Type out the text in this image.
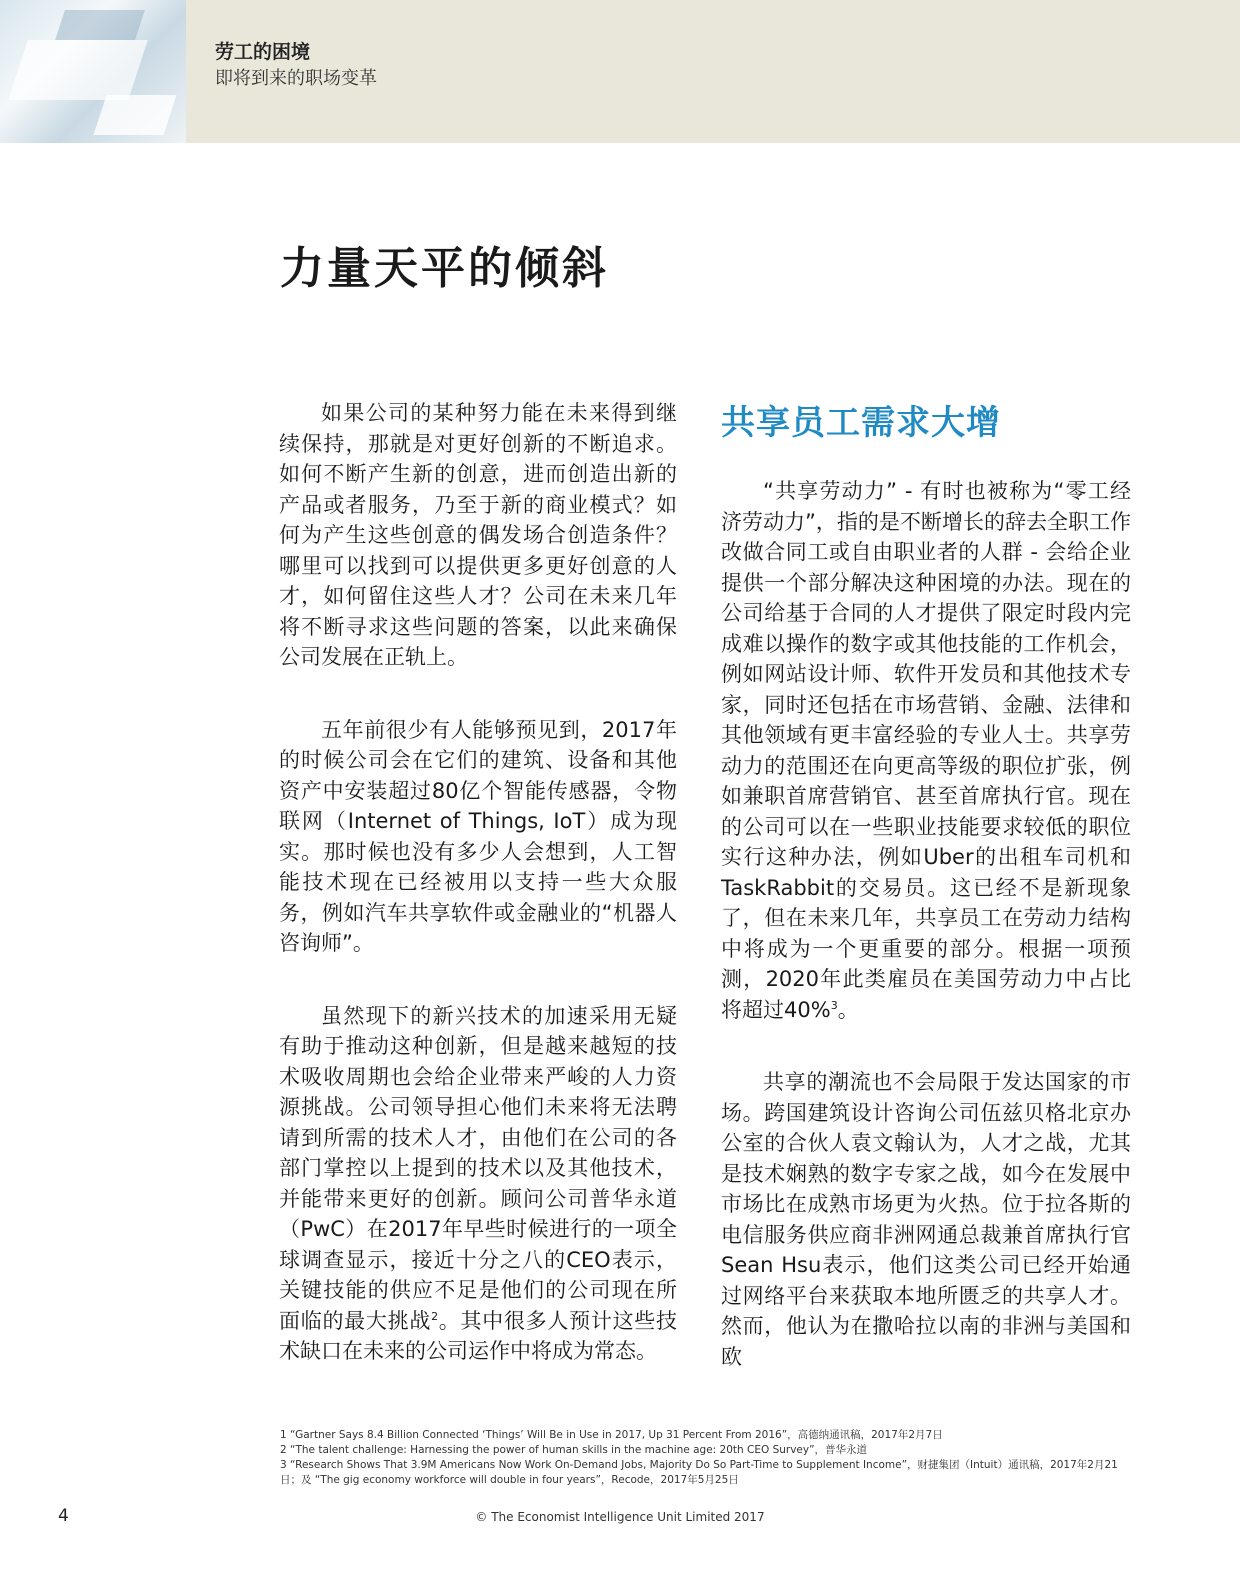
劳工的困境
即将到来的职场变革
力量天平的倾斜

如果公司的某种努力能在未来得到继续保持，那就是对更好创新的不断追求。如何不断产生新的创意，进而创造出新的产品或者服务，乃至于新的商业模式？如何为产生这些创意的偶发场合创造条件？哪里可以找到可以提供更多更好创意的人才，如何留住这些人才？公司在未来几年将不断寻求这些问题的答案，以此来确保公司发展在正轨上。

五年前很少有人能够预见到，2017年的时候公司会在它们的建筑、设备和其他资产中安装超过80亿个智能传感器，令物联网（Internet of Things, IoT）成为现实。那时候也没有多少人会想到，人工智能技术现在已经被用以支持一些大众服务，例如汽车共享软件或金融业的“机器人咨询师”。

虽然现下的新兴技术的加速采用无疑有助于推动这种创新，但是越来越短的技术吸收周期也会给企业带来严峻的人力资源挑战。公司领导担心他们未来将无法聘请到所需的技术人才，由他们在公司的各部门掌控以上提到的技术以及其他技术，并能带来更好的创新。顾问公司普华永道（PwC）在2017年早些时候进行的一项全球调查显示，接近十分之八的CEO表示，关键技能的供应不足是他们的公司现在所面临的最大挑战$^2$。其中很多人预计这些技术缺口在未来的公司运作中将成为常态。

共享员工需求大增

“共享劳动力” - 有时也被称为“零工经济劳动力”，指的是不断增长的辞去全职工作改做合同工或自由职业者的人群 - 会给企业提供一个部分解决这种困境的办法。现在的公司给基于合同的人才提供了限定时段内完成难以操作的数字或其他技能的工作机会，例如网站设计师、软件开发员和其他技术专家，同时还包括在市场营销、金融、法律和其他领域有更丰富经验的专业人士。共享劳动力的范围还在向更高等级的职位扩张，例如兼职首席营销官、甚至首席执行官。现在的公司可以在一些职业技能要求较低的职位实行这种办法，例如Uber的出租车司机和TaskRabbit的交易员。这已经不是新现象了，但在未来几年，共享员工在劳动力结构中将成为一个更重要的部分。根据一项预测，2020年此类雇员在美国劳动力中占比将超过40%$^3$。

共享的潮流也不会局限于发达国家的市场。跨国建筑设计咨询公司伍兹贝格北京办公室的合伙人袁文翰认为，人才之战，尤其是技术娴熟的数字专家之战，如今在发展中市场比在成熟市场更为火热。位于拉各斯的电信服务供应商非洲网通总裁兼首席执行官Sean Hsu表示，他们这类公司已经开始通过网络平台来获取本地所匮乏的共享人才。然而，他认为在撒哈拉以南的非洲与美国和欧

1 “Gartner Says 8.4 Billion Connected ‘Things’ Will Be in Use in 2017, Up 31 Percent From 2016”，高德纳通讯稿，2017年2月7日

2 “The talent challenge: Harnessing the power of human skills in the machine age: 20th CEO Survey”，普华永道

3 “Research Shows That 3.9M Americans Now Work On-Demand Jobs, Majority Do So Part-Time to Supplement Income”，财捷集团（Intuit）通讯稿，2017年2月21日；及 “The gig economy workforce will double in four years”，Recode，2017年5月25日

4	© The Economist Intelligence Unit Limited 2017
